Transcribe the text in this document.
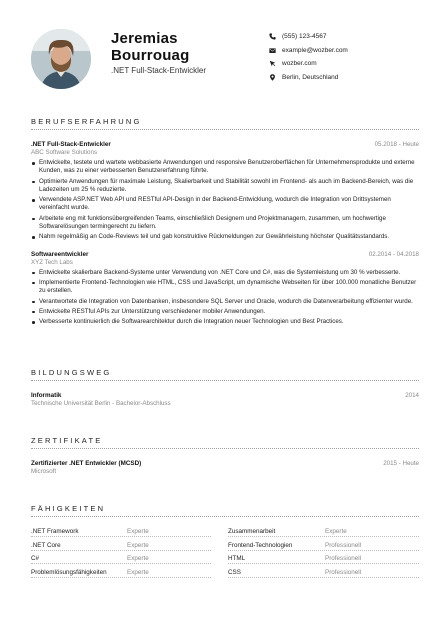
Jeremias
Bourrouag
.NET Full-Stack-Entwickler
(555) 123-4567
example@wozber.com
wozber.com
Berlin, Deutschland
BERUFSERFAHRUNG
.NET Full-Stack-Entwickler	05.2018 - Heute
ABC Software Solutions
Entwickelte, testete und wartete webbasierte Anwendungen und responsive Benutzeroberflächen für Unternehmensprodukte und externe Kunden, was zu einer verbesserten Benutzererfahrung führte.
Optimierte Anwendungen für maximale Leistung, Skalierbarkeit und Stabilität sowohl im Frontend- als auch im Backend-Bereich, was die Ladezeiten um 25 % reduzierte.
Verwendete ASP.NET Web API und RESTful API-Design in der Backend-Entwicklung, wodurch die Integration von Drittsystemen vereinfacht wurde.
Arbeitete eng mit funktionsübergreifenden Teams, einschließlich Designern und Projektmanagern, zusammen, um hochwertige Softwarelösungen termingerecht zu liefern.
Nahm regelmäßig an Code-Reviews teil und gab konstruktive Rückmeldungen zur Gewährleistung höchster Qualitätsstandards.
Softwareentwickler	02.2014 - 04.2018
XYZ Tech Labs
Entwickelte skalierbare Backend-Systeme unter Verwendung von .NET Core und C#, was die Systemleistung um 30 % verbesserte.
Implementierte Frontend-Technologien wie HTML, CSS und JavaScript, um dynamische Webseiten für über 100.000 monatliche Benutzer zu erstellen.
Verantwortete die Integration von Datenbanken, insbesondere SQL Server und Oracle, wodurch die Datenverarbeitung effizienter wurde.
Entwickelte RESTful APIs zur Unterstützung verschiedener mobiler Anwendungen.
Verbesserte kontinuierlich die Softwarearchitektur durch die Integration neuer Technologien und Best Practices.
BILDUNGSWEG
Informatik	2014
Technische Universität Berlin - Bachelor-Abschluss
ZERTIFIKATE
Zertifizierter .NET Entwickler (MCSD)	2015 - Heute
Microsoft
FÄHIGKEITEN
.NET Framework	Experte	Zusammenarbeit	Experte
.NET Core	Experte	Frontend-Technologien	Professionell
C#	Experte	HTML	Professionell
Problemlösungsfähigkeiten	Experte	CSS	Professionell
